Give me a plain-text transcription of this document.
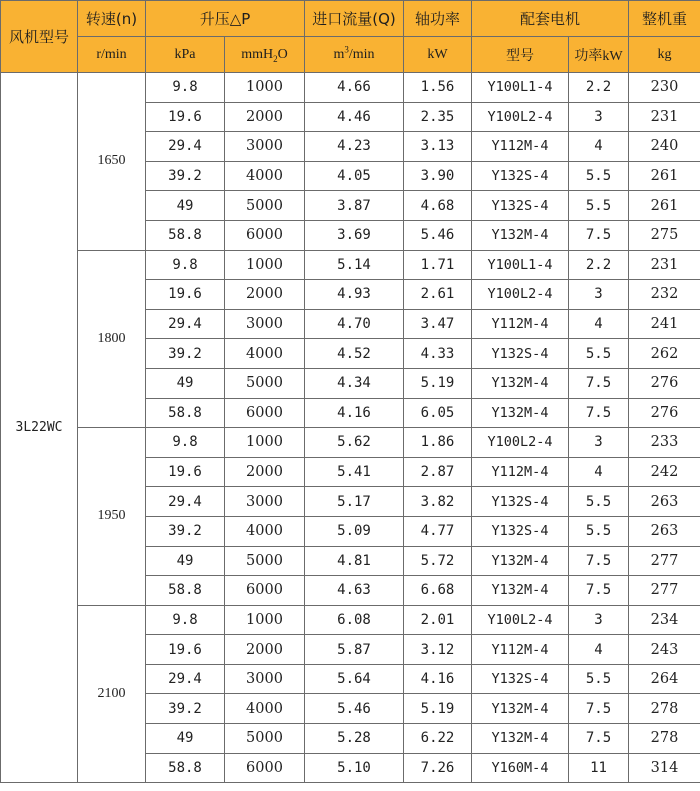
风机型号	转速(n)	升压△P		进口流量(Q)	轴功率	配套电机		整机重
	r/min	kPa	mmH$_2$O	$m^3/\min$	kW	型号	功率kW	kg
3L22WC	1650	9.8	1000	4.66	1.56	Y100L1-4	2.2	230
		19.6	2000	4.46	2.35	Y100L2-4	3	231
		29.4	3000	4.23	3.13	Y112M-4	4	240
		39.2	4000	4.05	3.90	Y132S-4	5.5	261
		49	5000	3.87	4.68	Y132S-4	5.5	261
		58.8	6000	3.69	5.46	Y132M-4	7.5	275
	1800	9.8	1000	5.14	1.71	Y100L1-4	2.2	231
		19.6	2000	4.93	2.61	Y100L2-4	3	232
		29.4	3000	4.70	3.47	Y112M-4	4	241
		39.2	4000	4.52	4.33	Y132S-4	5.5	262
		49	5000	4.34	5.19	Y132M-4	7.5	276
		58.8	6000	4.16	6.05	Y132M-4	7.5	276
	1950	9.8	1000	5.62	1.86	Y100L2-4	3	233
		19.6	2000	5.41	2.87	Y112M-4	4	242
		29.4	3000	5.17	3.82	Y132S-4	5.5	263
		39.2	4000	5.09	4.77	Y132S-4	5.5	263
		49	5000	4.81	5.72	Y132M-4	7.5	277
		58.8	6000	4.63	6.68	Y132M-4	7.5	277
	2100	9.8	1000	6.08	2.01	Y100L2-4	3	234
		19.6	2000	5.87	3.12	Y112M-4	4	243
		29.4	3000	5.64	4.16	Y132S-4	5.5	264
		39.2	4000	5.46	5.19	Y132M-4	7.5	278
		49	5000	5.28	6.22	Y132M-4	7.5	278
		58.8	6000	5.10	7.26	Y160M-4	11	314
